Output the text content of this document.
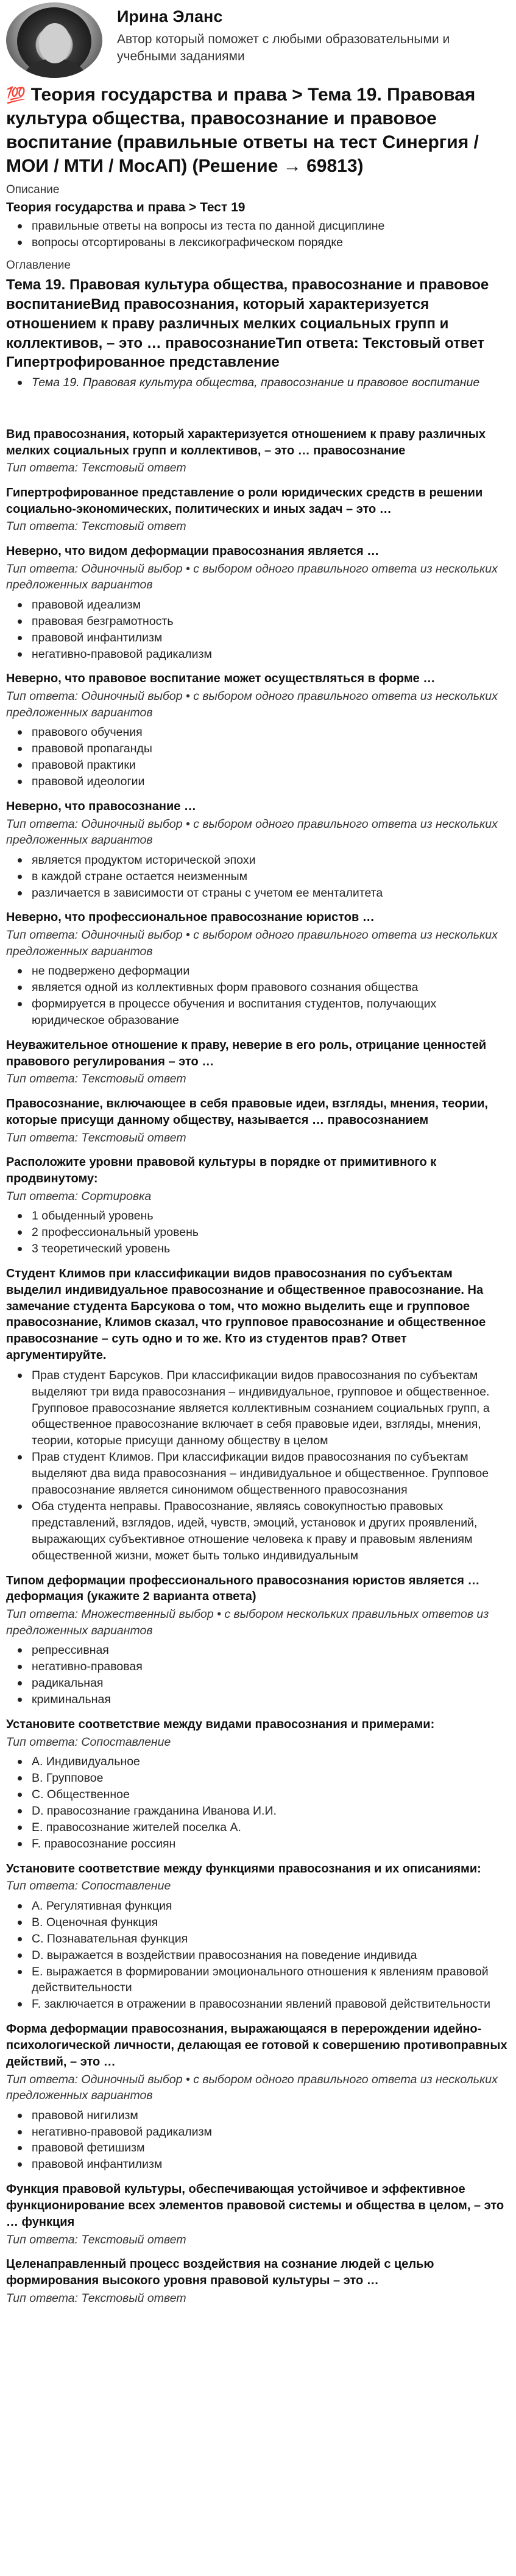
Ирина Эланс
Автор который поможет с любыми образовательными и учебными заданиями
💯 Теория государства и права > Тема 19. Правовая культура общества, правосознание и правовое воспитание (правильные ответы на тест Синергия / МОИ / МТИ / МосАП) (Решение → 69813)
Описание
Теория государства и права > Тест 19
правильные ответы на вопросы из теста по данной дисциплине
вопросы отсортированы в лексикографическом порядке
Оглавление
Тема 19. Правовая культура общества, правосознание и правовое воспитаниеВид правосознания, который характеризуется отношением к праву различных мелких социальных групп и коллективов, – это … правосознаниеТип ответа: Текстовый ответ Гипертрофированное представление
Тема 19. Правовая культура общества, правосознание и правовое воспитание
Вид правосознания, который характеризуется отношением к праву различных мелких социальных групп и коллективов, – это … правосознание
Тип ответа: Текстовый ответ
Гипертрофированное представление о роли юридических средств в решении социально-экономических, политических и иных задач – это …
Тип ответа: Текстовый ответ
Неверно, что видом деформации правосознания является …
Тип ответа: Одиночный выбор • с выбором одного правильного ответа из нескольких предложенных вариантов
правовой идеализм
правовая безграмотность
правовой инфантилизм
негативно-правовой радикализм
Неверно, что правовое воспитание может осуществляться в форме …
Тип ответа: Одиночный выбор • с выбором одного правильного ответа из нескольких предложенных вариантов
правового обучения
правовой пропаганды
правовой практики
правовой идеологии
Неверно, что правосознание …
Тип ответа: Одиночный выбор • с выбором одного правильного ответа из нескольких предложенных вариантов
является продуктом исторической эпохи
в каждой стране остается неизменным
различается в зависимости от страны с учетом ее менталитета
Неверно, что профессиональное правосознание юристов …
Тип ответа: Одиночный выбор • с выбором одного правильного ответа из нескольких предложенных вариантов
не подвержено деформации
является одной из коллективных форм правового сознания общества
формируется в процессе обучения и воспитания студентов, получающих юридическое образование
Неуважительное отношение к праву, неверие в его роль, отрицание ценностей правового регулирования – это …
Тип ответа: Текстовый ответ
Правосознание, включающее в себя правовые идеи, взгляды, мнения, теории, которые присущи данному обществу, называется … правосознанием
Тип ответа: Текстовый ответ
Расположите уровни правовой культуры в порядке от примитивного к продвинутому:
Тип ответа: Сортировка
1 обыденный уровень
2 профессиональный уровень
3 теоретический уровень
Студент Климов при классификации видов правосознания по субъектам выделил индивидуальное правосознание и общественное правосознание. На замечание студента Барсукова о том, что можно выделить еще и групповое правосознание, Климов сказал, что групповое правосознание и общественное правосознание – суть одно и то же. Кто из студентов прав? Ответ аргументируйте.
Прав студент Барсуков. При классификации видов правосознания по субъектам выделяют три вида правосознания – индивидуальное, групповое и общественное. Групповое правосознание является коллективным сознанием социальных групп, а общественное правосознание включает в себя правовые идеи, взгляды, мнения, теории, которые присущи данному обществу в целом
Прав студент Климов. При классификации видов правосознания по субъектам выделяют два вида правосознания – индивидуальное и общественное. Групповое правосознание является синонимом общественного правосознания
Оба студента неправы. Правосознание, являясь совокупностью правовых представлений, взглядов, идей, чувств, эмоций, установок и других проявлений, выражающих субъективное отношение человека к праву и правовым явлениям общественной жизни, может быть только индивидуальным
Типом деформации профессионального правосознания юристов является … деформация (укажите 2 варианта ответа)
Тип ответа: Множественный выбор • с выбором нескольких правильных ответов из предложенных вариантов
репрессивная
негативно-правовая
радикальная
криминальная
Установите соответствие между видами правосознания и примерами:
Тип ответа: Сопоставление
A. Индивидуальное
B. Групповое
C. Общественное
D. правосознание гражданина Иванова И.И.
E. правосознание жителей поселка А.
F. правосознание россиян
Установите соответствие между функциями правосознания и их описаниями:
Тип ответа: Сопоставление
A. Регулятивная функция
B. Оценочная функция
C. Познавательная функция
D. выражается в воздействии правосознания на поведение индивида
E. выражается в формировании эмоционального отношения к явлениям правовой действительности
F. заключается в отражении в правосознании явлений правовой действительности
Форма деформации правосознания, выражающаяся в перерождении идейно-психологической личности, делающая ее готовой к совершению противоправных действий, – это …
Тип ответа: Одиночный выбор • с выбором одного правильного ответа из нескольких предложенных вариантов
правовой нигилизм
негативно-правовой радикализм
правовой фетишизм
правовой инфантилизм
Функция правовой культуры, обеспечивающая устойчивое и эффективное функционирование всех элементов правовой системы и общества в целом, – это … функция
Тип ответа: Текстовый ответ
Целенаправленный процесс воздействия на сознание людей с целью формирования высокого уровня правовой культуры – это …
Тип ответа: Текстовый ответ
